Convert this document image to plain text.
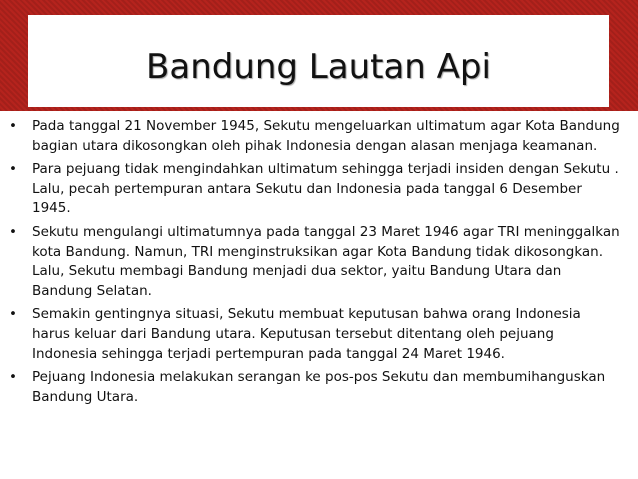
Bandung Lautan Api
• Pada tanggal 21 November 1945, Sekutu mengeluarkan ultimatum agar Kota Bandung bagian utara dikosongkan oleh pihak Indonesia dengan alasan menjaga keamanan.
• Para pejuang tidak mengindahkan ultimatum sehingga terjadi insiden dengan Sekutu . Lalu, pecah pertempuran antara Sekutu dan Indonesia pada tanggal 6 Desember 1945.
• Sekutu mengulangi ultimatumnya pada tanggal 23 Maret 1946 agar TRI meninggalkan kota Bandung. Namun, TRI menginstruksikan agar Kota Bandung tidak dikosongkan. Lalu, Sekutu membagi Bandung menjadi dua sektor, yaitu Bandung Utara dan Bandung Selatan.
• Semakin gentingnya situasi, Sekutu membuat keputusan bahwa orang Indonesia harus keluar dari Bandung utara. Keputusan tersebut ditentang oleh pejuang Indonesia sehingga terjadi pertempuran pada tanggal 24 Maret 1946.
• Pejuang Indonesia melakukan serangan ke pos-pos Sekutu dan membumihanguskan Bandung Utara.
